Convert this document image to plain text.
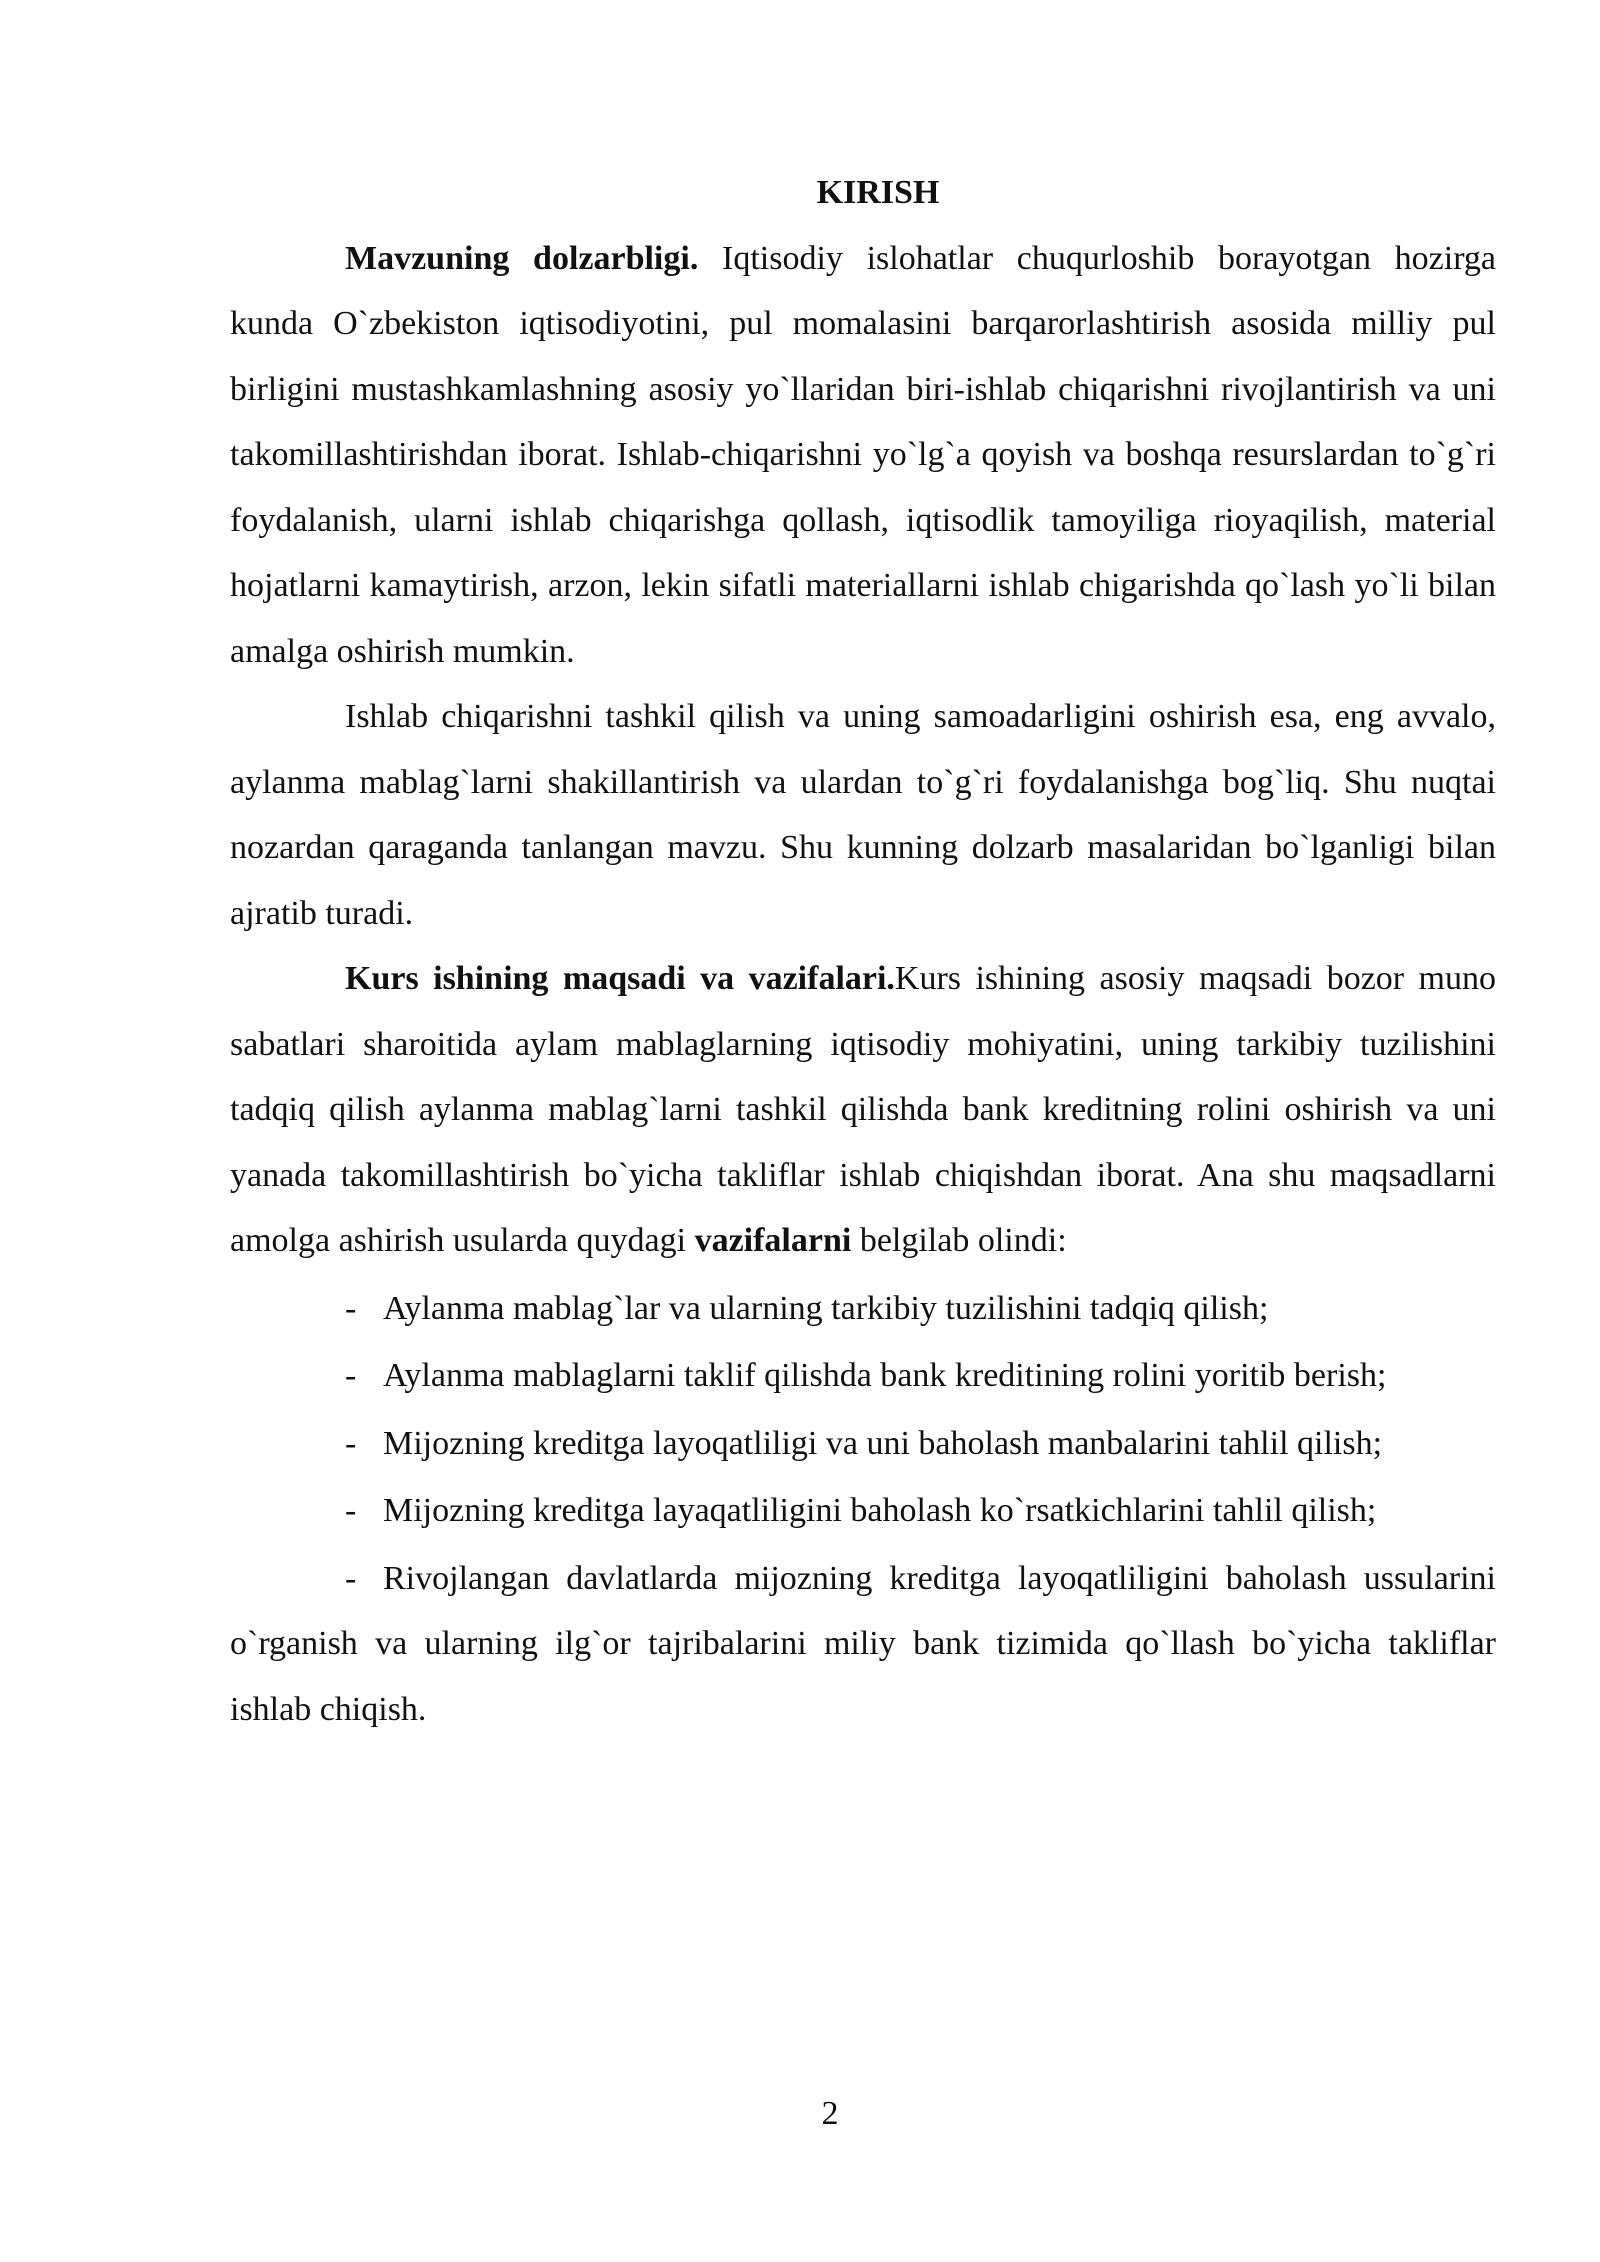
KIRISH

Mavzuning dolzarbligi. Iqtisodiy islohatlar chuqurloshib borayotgan hozirga kunda O`zbekiston iqtisodiyotini, pul momalasini barqarorlashtirish asosida milliy pul birligini mustashkamlashning asosiy yo`llaridan biri-ishlab chiqarishni rivojlantirish va uni takomillashtirishdan iborat. Ishlab-chiqarishni yo`lg`a qoyish va boshqa resurslardan to`g`ri foydalanish, ularni ishlab chiqarishga qollash, iqtisodlik tamoyiliga rioyaqilish, material hojatlarni kamaytirish, arzon, lekin sifatli materiallarni ishlab chigarishda qo`lash yo`li bilan amalga oshirish mumkin.

Ishlab chiqarishni tashkil qilish va uning samoadarligini oshirish esa, eng avvalo, aylanma mablag`larni shakillantirish va ulardan to`g`ri foydalanishga bog`liq. Shu nuqtai nozardan qaraganda tanlangan mavzu. Shu kunning dolzarb masalaridan bo`lganligi bilan ajratib turadi.

Kurs ishining maqsadi va vazifalari.Kurs ishining asosiy maqsadi bozor muno sabatlari sharoitida aylam mablaglarning iqtisodiy mohiyatini, uning tarkibiy tuzilishini tadqiq qilish aylanma mablag`larni tashkil qilishda bank kreditning rolini oshirish va uni yanada takomillashtirish bo`yicha takliflar ishlab chiqishdan iborat. Ana shu maqsadlarni amolga ashirish usularda quydagi vazifalarni belgilab olindi:

- Aylanma mablag`lar va ularning tarkibiy tuzilishini tadqiq qilish;

- Aylanma mablaglarni taklif qilishda bank kreditining rolini yoritib berish;

- Mijozning kreditga layoqatliligi va uni baholash manbalarini tahlil qilish;

- Mijozning kreditga layaqatliligini baholash ko`rsatkichlarini tahlil qilish;

- Rivojlangan davlatlarda mijozning kreditga layoqatliligini baholash ussularini o`rganish va ularning ilg`or tajribalarini miliy bank tizimida qo`llash bo`yicha takliflar ishlab chiqish.

2
